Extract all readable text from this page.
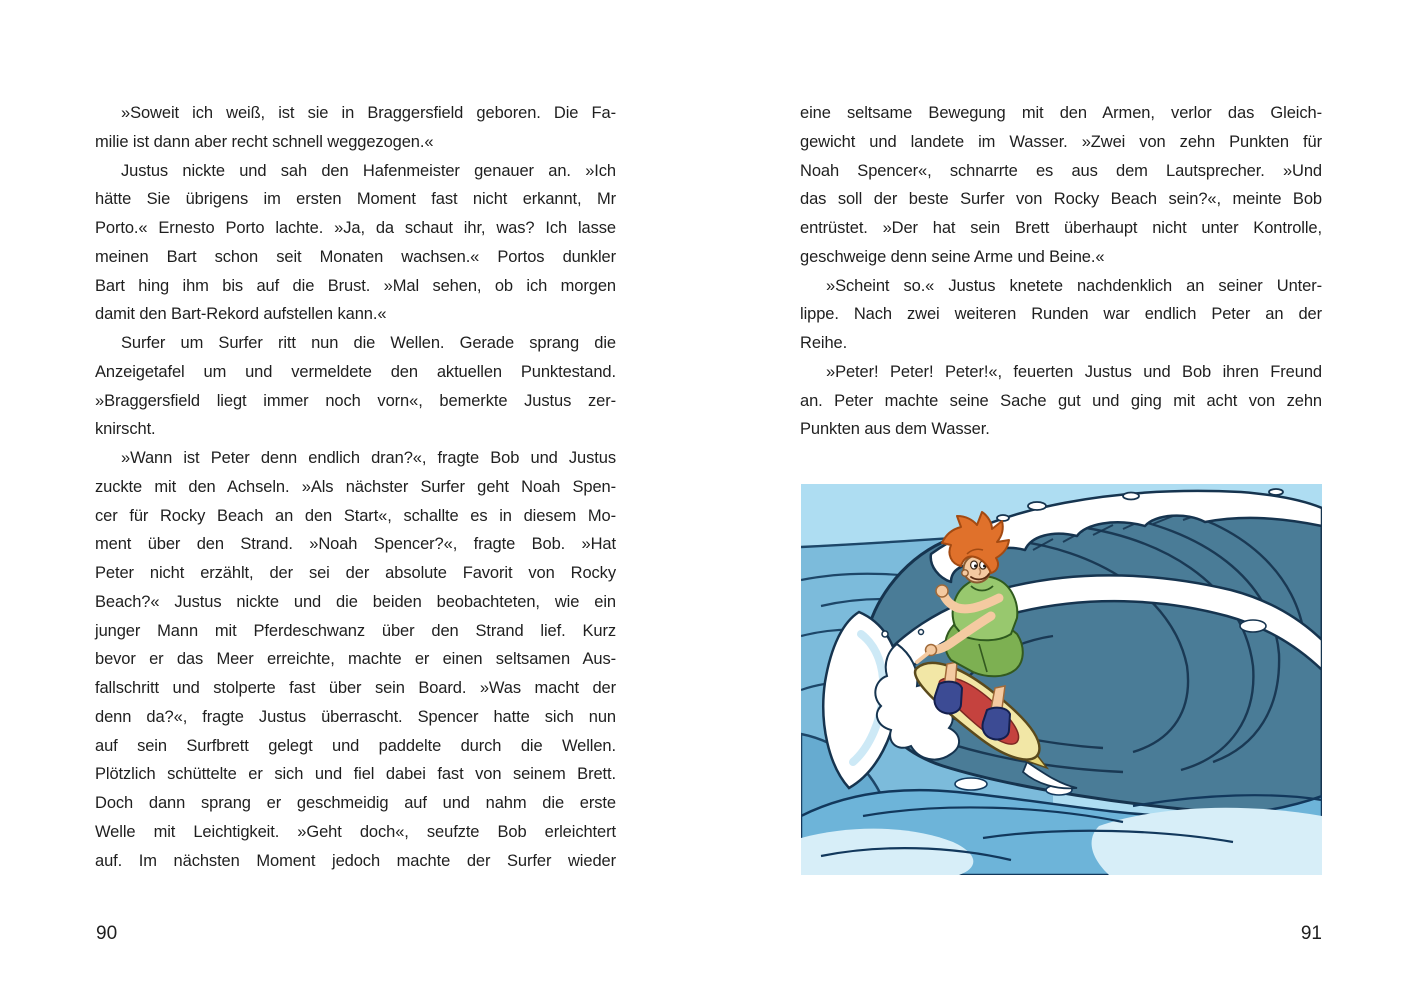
»Soweit ich weiß, ist sie in Braggersfield geboren. Die Fa-
milie ist dann aber recht schnell weggezogen.«
Justus nickte und sah den Hafenmeister genauer an. »Ich
hätte Sie übrigens im ersten Moment fast nicht erkannt, Mr
Porto.« Ernesto Porto lachte. »Ja, da schaut ihr, was? Ich lasse
meinen Bart schon seit Monaten wachsen.« Portos dunkler
Bart hing ihm bis auf die Brust. »Mal sehen, ob ich morgen
damit den Bart-Rekord aufstellen kann.«
Surfer um Surfer ritt nun die Wellen. Gerade sprang die
Anzeigetafel um und vermeldete den aktuellen Punktestand.
»Braggersfield liegt immer noch vorn«, bemerkte Justus zer-
knirscht.
»Wann ist Peter denn endlich dran?«, fragte Bob und Justus
zuckte mit den Achseln. »Als nächster Surfer geht Noah Spen-
cer für Rocky Beach an den Start«, schallte es in diesem Mo-
ment über den Strand. »Noah Spencer?«, fragte Bob. »Hat
Peter nicht erzählt, der sei der absolute Favorit von Rocky
Beach?« Justus nickte und die beiden beobachteten, wie ein
junger Mann mit Pferdeschwanz über den Strand lief. Kurz
bevor er das Meer erreichte, machte er einen seltsamen Aus-
fallschritt und stolperte fast über sein Board. »Was macht der
denn da?«, fragte Justus überrascht. Spencer hatte sich nun
auf sein Surfbrett gelegt und paddelte durch die Wellen.
Plötzlich schüttelte er sich und fiel dabei fast von seinem Brett.
Doch dann sprang er geschmeidig auf und nahm die erste
Welle mit Leichtigkeit. »Geht doch«, seufzte Bob erleichtert
auf. Im nächsten Moment jedoch machte der Surfer wieder
eine seltsame Bewegung mit den Armen, verlor das Gleich-
gewicht und landete im Wasser. »Zwei von zehn Punkten für
Noah Spencer«, schnarrte es aus dem Lautsprecher. »Und
das soll der beste Surfer von Rocky Beach sein?«, meinte Bob
entrüstet. »Der hat sein Brett überhaupt nicht unter Kontrolle,
geschweige denn seine Arme und Beine.«
»Scheint so.« Justus knetete nachdenklich an seiner Unter-
lippe. Nach zwei weiteren Runden war endlich Peter an der
Reihe.
»Peter! Peter! Peter!«, feuerten Justus und Bob ihren Freund
an. Peter machte seine Sache gut und ging mit acht von zehn
Punkten aus dem Wasser.
90	91
